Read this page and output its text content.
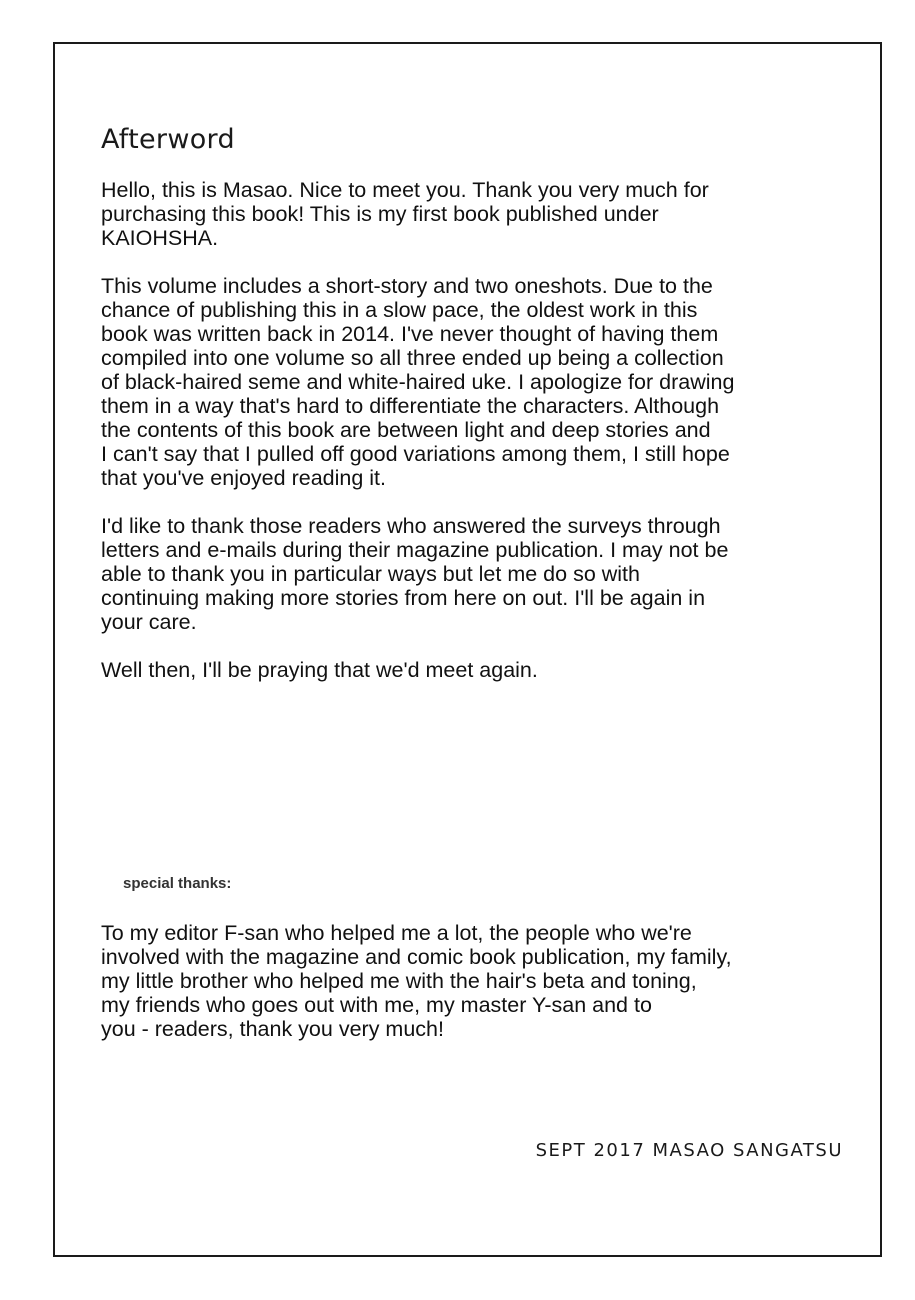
Afterword

Hello, this is Masao. Nice to meet you. Thank you very much for
purchasing this book! This is my first book published under
KAIOHSHA.

This volume includes a short-story and two oneshots. Due to the
chance of publishing this in a slow pace, the oldest work in this
book was written back in 2014. I've never thought of having them
compiled into one volume so all three ended up being a collection
of black-haired seme and white-haired uke. I apologize for drawing
them in a way that's hard to differentiate the characters. Although
the contents of this book are between light and deep stories and
I can't say that I pulled off good variations among them, I still hope
that you've enjoyed reading it.

I'd like to thank those readers who answered the surveys through
letters and e-mails during their magazine publication. I may not be
able to thank you in particular ways but let me do so with
continuing making more stories from here on out. I'll be again in
your care.

Well then, I'll be praying that we'd meet again.

special thanks:

To my editor F-san who helped me a lot, the people who we're
involved with the magazine and comic book publication, my family,
my little brother who helped me with the hair's beta and toning,
my friends who goes out with me, my master Y-san and to
you - readers, thank you very much!

SEPT 2017 MASAO SANGATSU
